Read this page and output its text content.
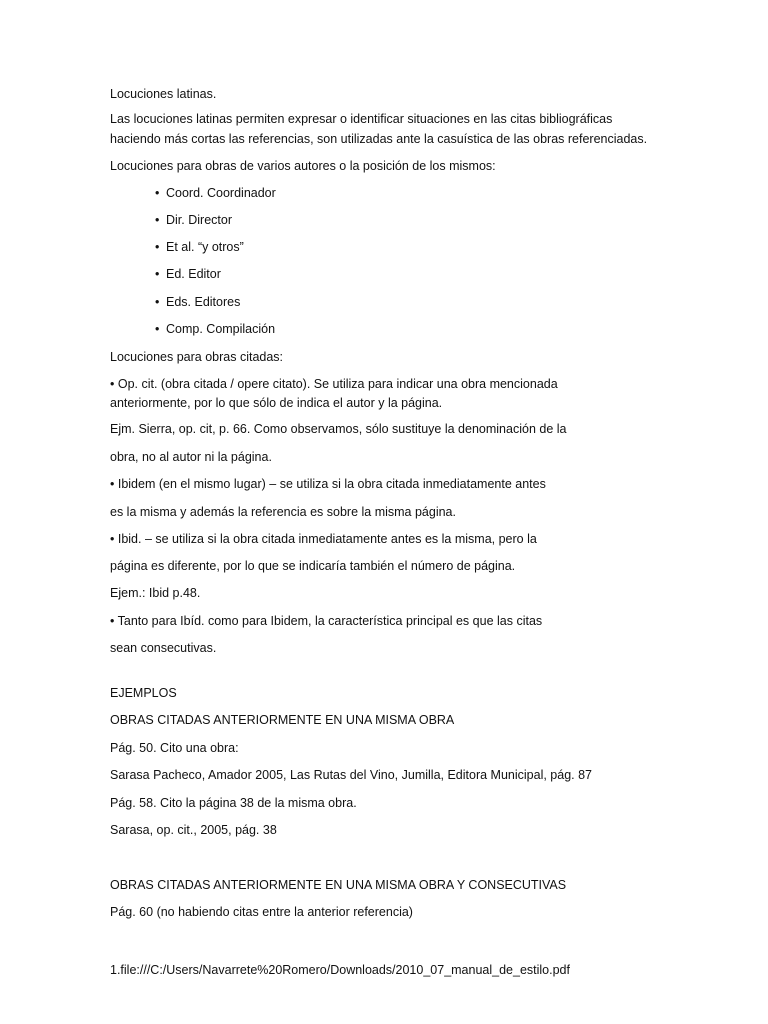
Locuciones latinas.
Las locuciones latinas permiten expresar o identificar situaciones en las citas bibliográficas
haciendo más cortas las referencias, son utilizadas ante la casuística de las obras referenciadas.
Locuciones para obras de varios autores o la posición de los mismos:
• Coord. Coordinador
• Dir. Director
• Et al. “y otros”
• Ed. Editor
• Eds. Editores
• Comp. Compilación
Locuciones para obras citadas:
• Op. cit. (obra citada / opere citato). Se utiliza para indicar una obra mencionada
anteriormente, por lo que sólo de indica el autor y la página.
Ejm. Sierra, op. cit, p. 66. Como observamos, sólo sustituye la denominación de la
obra, no al autor ni la página.
• Ibidem (en el mismo lugar) – se utiliza si la obra citada inmediatamente antes
es la misma y además la referencia es sobre la misma página.
• Ibid. – se utiliza si la obra citada inmediatamente antes es la misma, pero la
página es diferente, por lo que se indicaría también el número de página.
Ejem.: Ibid p.48.
• Tanto para Ibíd. como para Ibidem, la característica principal es que las citas
sean consecutivas.
EJEMPLOS
OBRAS CITADAS ANTERIORMENTE EN UNA MISMA OBRA
Pág. 50. Cito una obra:
Sarasa Pacheco, Amador 2005, Las Rutas del Vino, Jumilla, Editora Municipal, pág. 87
Pág. 58. Cito la página 38 de la misma obra.
Sarasa, op. cit., 2005, pág. 38
OBRAS CITADAS ANTERIORMENTE EN UNA MISMA OBRA Y CONSECUTIVAS
Pág. 60 (no habiendo citas entre la anterior referencia)
1.file:///C:/Users/Navarrete%20Romero/Downloads/2010_07_manual_de_estilo.pdf
